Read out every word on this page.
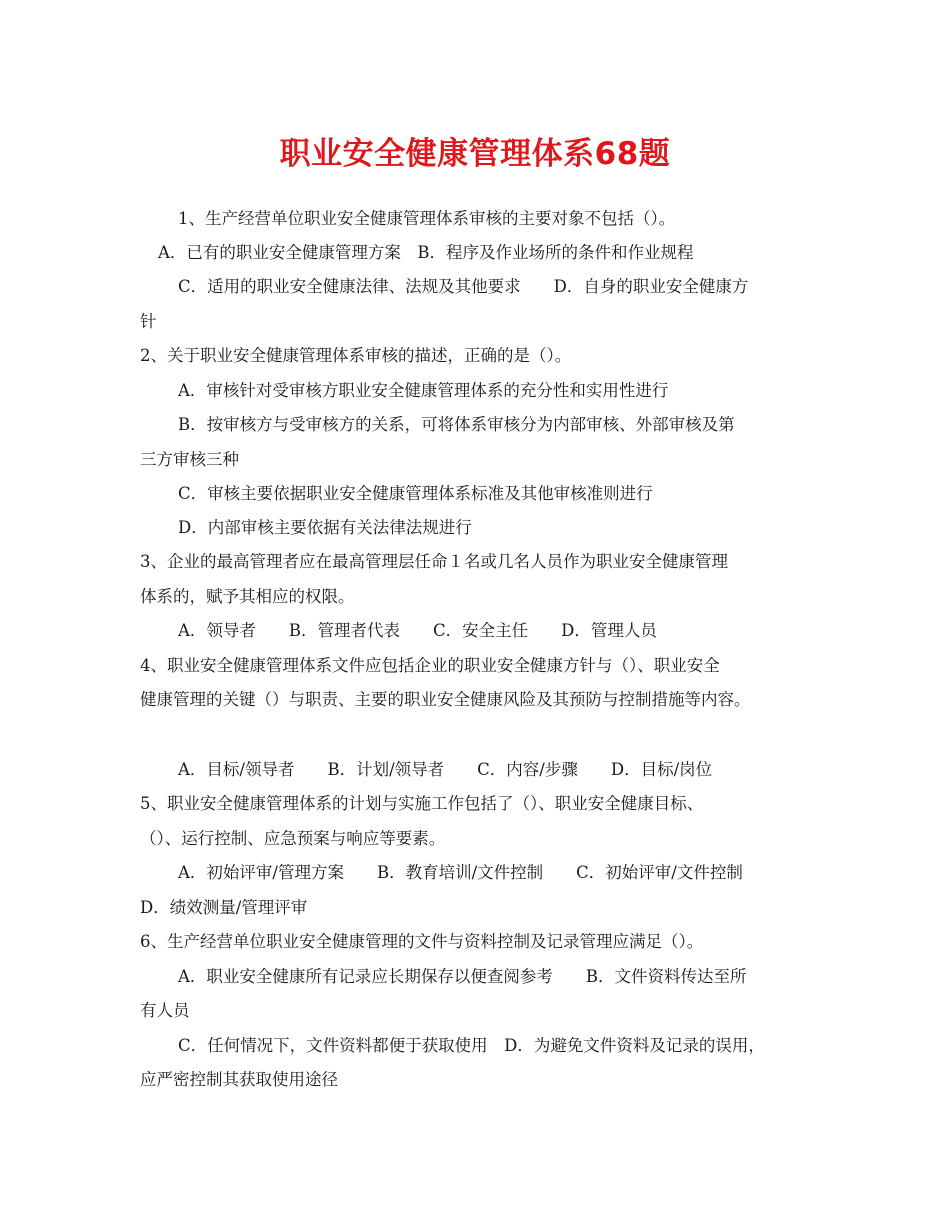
职业安全健康管理体系68题
1、生产经营单位职业安全健康管理体系审核的主要对象不包括（）。
A．已有的职业安全健康管理方案　B．程序及作业场所的条件和作业规程
C．适用的职业安全健康法律、法规及其他要求　　D．自身的职业安全健康方
针
2、关于职业安全健康管理体系审核的描述，正确的是（）。
A．审核针对受审核方职业安全健康管理体系的充分性和实用性进行
B．按审核方与受审核方的关系，可将体系审核分为内部审核、外部审核及第
三方审核三种
C．审核主要依据职业安全健康管理体系标准及其他审核准则进行
D．内部审核主要依据有关法律法规进行
3、企业的最高管理者应在最高管理层任命１名或几名人员作为职业安全健康管理
体系的，赋予其相应的权限。
A．领导者　　B．管理者代表　　C．安全主任　　D．管理人员
4、职业安全健康管理体系文件应包括企业的职业安全健康方针与（）、职业安全
健康管理的关键（）与职责、主要的职业安全健康风险及其预防与控制措施等内容。
A．目标/领导者　　B．计划/领导者　　C．内容/步骤　　D．目标/岗位
5、职业安全健康管理体系的计划与实施工作包括了（）、职业安全健康目标、
（）、运行控制、应急预案与响应等要素。
A．初始评审/管理方案　　B．教育培训/文件控制　　C．初始评审/文件控制
D．绩效测量/管理评审
6、生产经营单位职业安全健康管理的文件与资料控制及记录管理应满足（）。
A．职业安全健康所有记录应长期保存以便查阅参考　　B．文件资料传达至所
有人员
C．任何情况下，文件资料都便于获取使用　D．为避免文件资料及记录的误用，
应严密控制其获取使用途径
